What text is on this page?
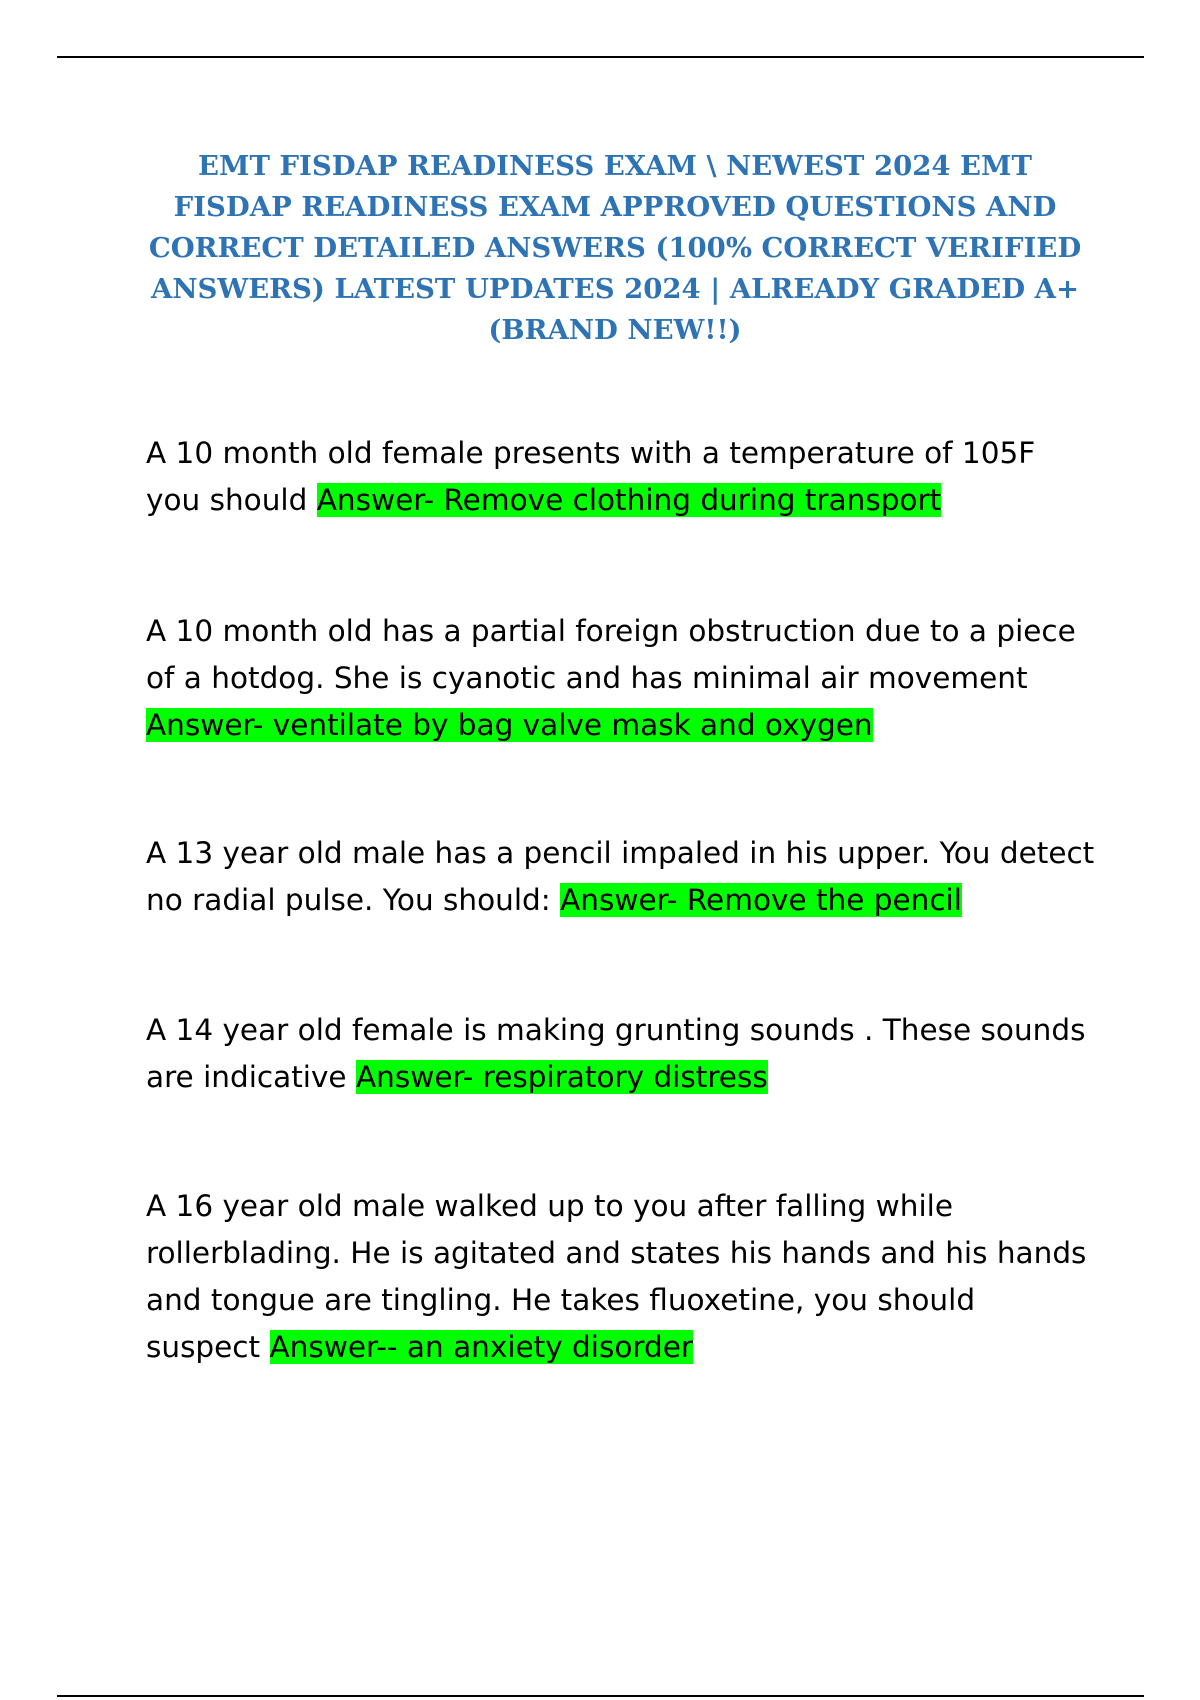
EMT FISDAP READINESS EXAM \ NEWEST 2024 EMT FISDAP READINESS EXAM APPROVED QUESTIONS AND CORRECT DETAILED ANSWERS (100% CORRECT VERIFIED ANSWERS) LATEST UPDATES 2024 | ALREADY GRADED A+ (BRAND NEW!!)

A 10 month old female presents with a temperature of 105F you should Answer- Remove clothing during transport

A 10 month old has a partial foreign obstruction due to a piece of a hotdog. She is cyanotic and has minimal air movement Answer- ventilate by bag valve mask and oxygen

A 13 year old male has a pencil impaled in his upper. You detect no radial pulse. You should: Answer- Remove the pencil

A 14 year old female is making grunting sounds . These sounds are indicative Answer- respiratory distress

A 16 year old male walked up to you after falling while rollerblading. He is agitated and states his hands and his hands and tongue are tingling. He takes fluoxetine, you should suspect Answer-- an anxiety disorder
